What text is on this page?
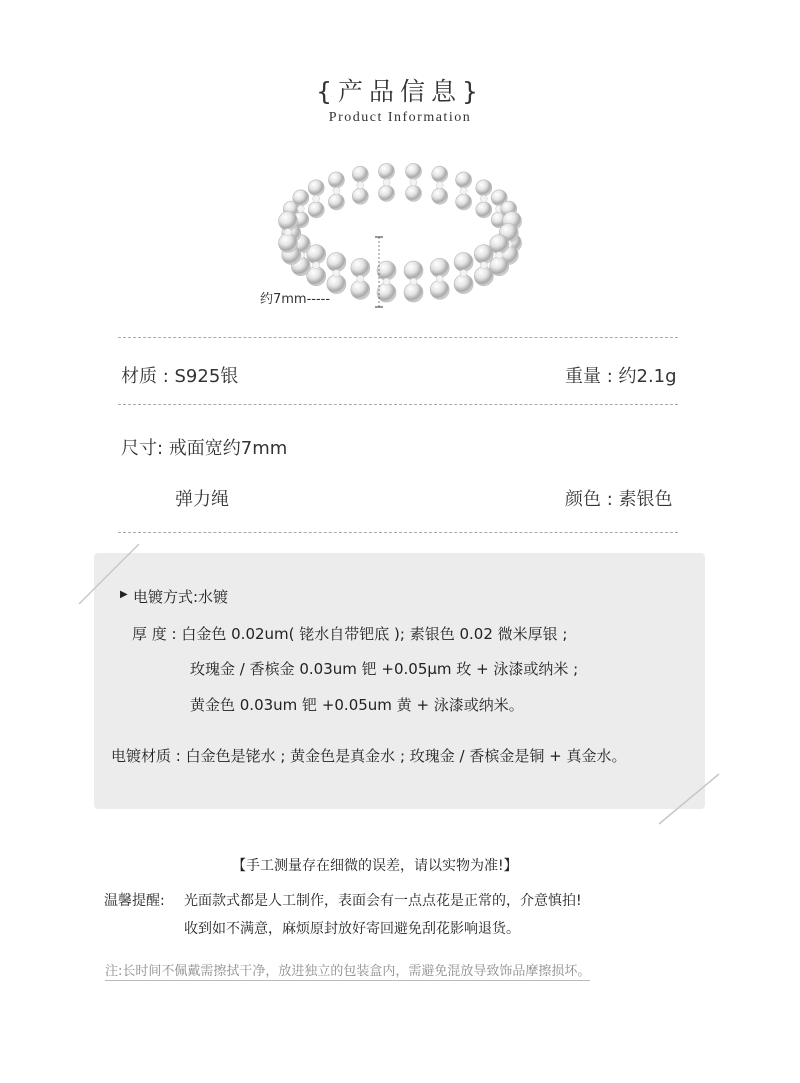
{产品信息}
Product Information
约7mm-----
材质 : S925银	重量 : 约2.1g
尺寸: 戒面宽约7mm
弹力绳	颜色 : 素银色
▶ 电镀方式:水镀
厚 度 : 白金色 0.02um( 铑水自带钯底 ); 素银色 0.02 微米厚银 ;
玫瑰金 / 香槟金 0.03um 钯 +0.05μm 玫 + 泳漆或纳米 ;
黄金色 0.03um 钯 +0.05um 黄 + 泳漆或纳米。
电镀材质 : 白金色是铑水 ; 黄金色是真金水 ; 玫瑰金 / 香槟金是铜 + 真金水。
【手工测量存在细微的误差，请以实物为准!】
温馨提醒: 光面款式都是人工制作，表面会有一点点花是正常的，介意慎拍!
收到如不满意，麻烦原封放好寄回避免刮花影响退货。
注:长时间不佩戴需擦拭干净，放进独立的包装盒内，需避免混放导致饰品摩擦损坏。
